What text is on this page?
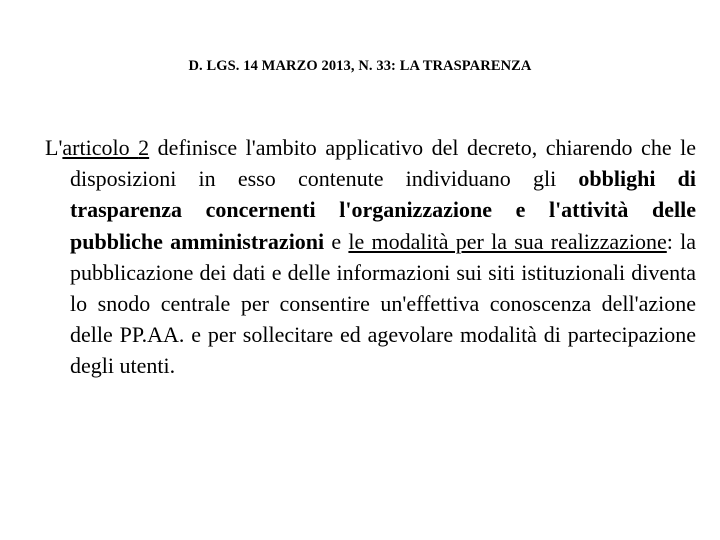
D. LGS. 14 MARZO 2013, N. 33: LA TRASPARENZA

L'articolo 2 definisce l'ambito applicativo del decreto, chiarendo che le disposizioni in esso contenute individuano gli obblighi di trasparenza concernenti l'organizzazione e l'attività delle pubbliche amministrazioni e le modalità per la sua realizzazione: la pubblicazione dei dati e delle informazioni sui siti istituzionali diventa lo snodo centrale per consentire un'effettiva conoscenza dell'azione delle PP.AA. e per sollecitare ed agevolare modalità di partecipazione degli utenti.
